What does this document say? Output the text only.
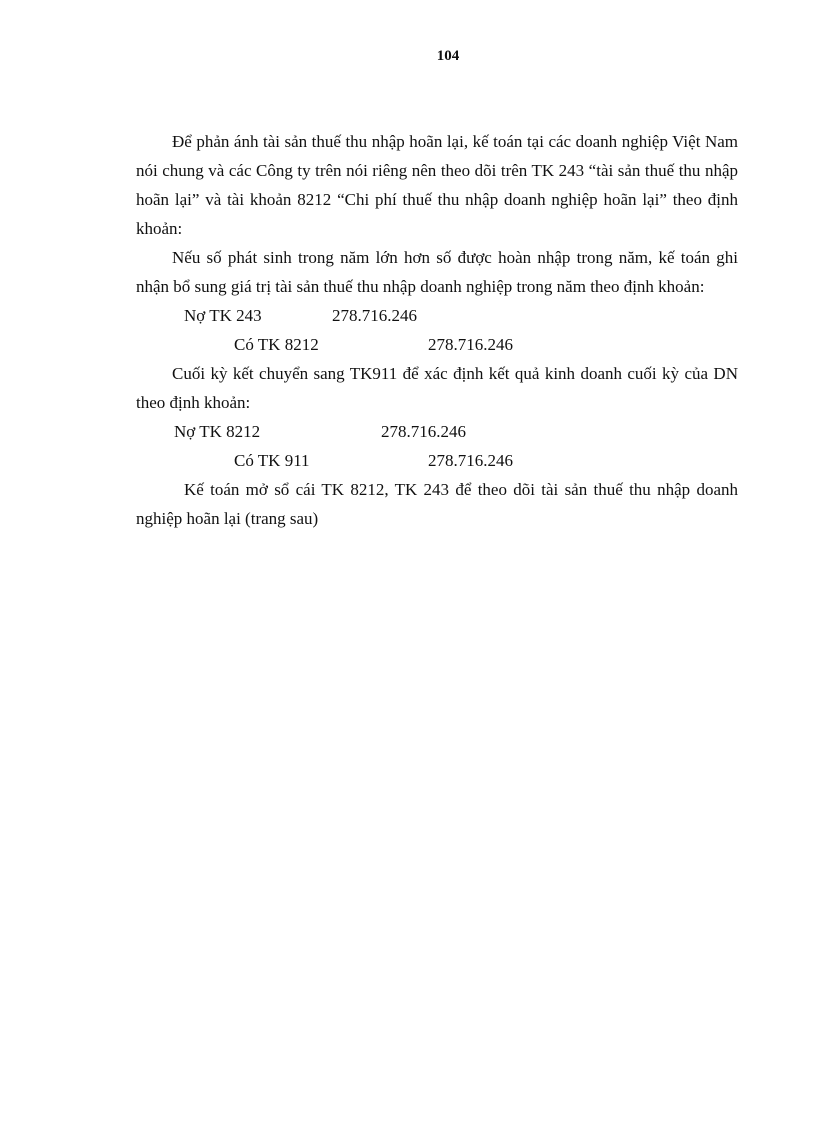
104

Để phản ánh tài sản thuế thu nhập hoãn lại, kế toán tại các doanh nghiệp Việt Nam nói chung và các Công ty trên nói riêng nên theo dõi trên TK 243 “tài sản thuế thu nhập hoãn lại” và tài khoản 8212 “Chi phí thuế thu nhập doanh nghiệp hoãn lại” theo định khoản:

Nếu số phát sinh trong năm lớn hơn số được hoàn nhập trong năm, kế toán ghi nhận bổ sung giá trị tài sản thuế thu nhập doanh nghiệp trong năm theo định khoản:

Nợ TK 243	278.716.246
Có TK 8212	278.716.246

Cuối kỳ kết chuyển sang TK911 để xác định kết quả kinh doanh cuối kỳ của DN theo định khoản:

Nợ TK 8212	278.716.246
Có TK 911	278.716.246

Kế toán mở sổ cái TK 8212, TK 243 để theo dõi tài sản thuế thu nhập doanh nghiệp hoãn lại (trang sau)
